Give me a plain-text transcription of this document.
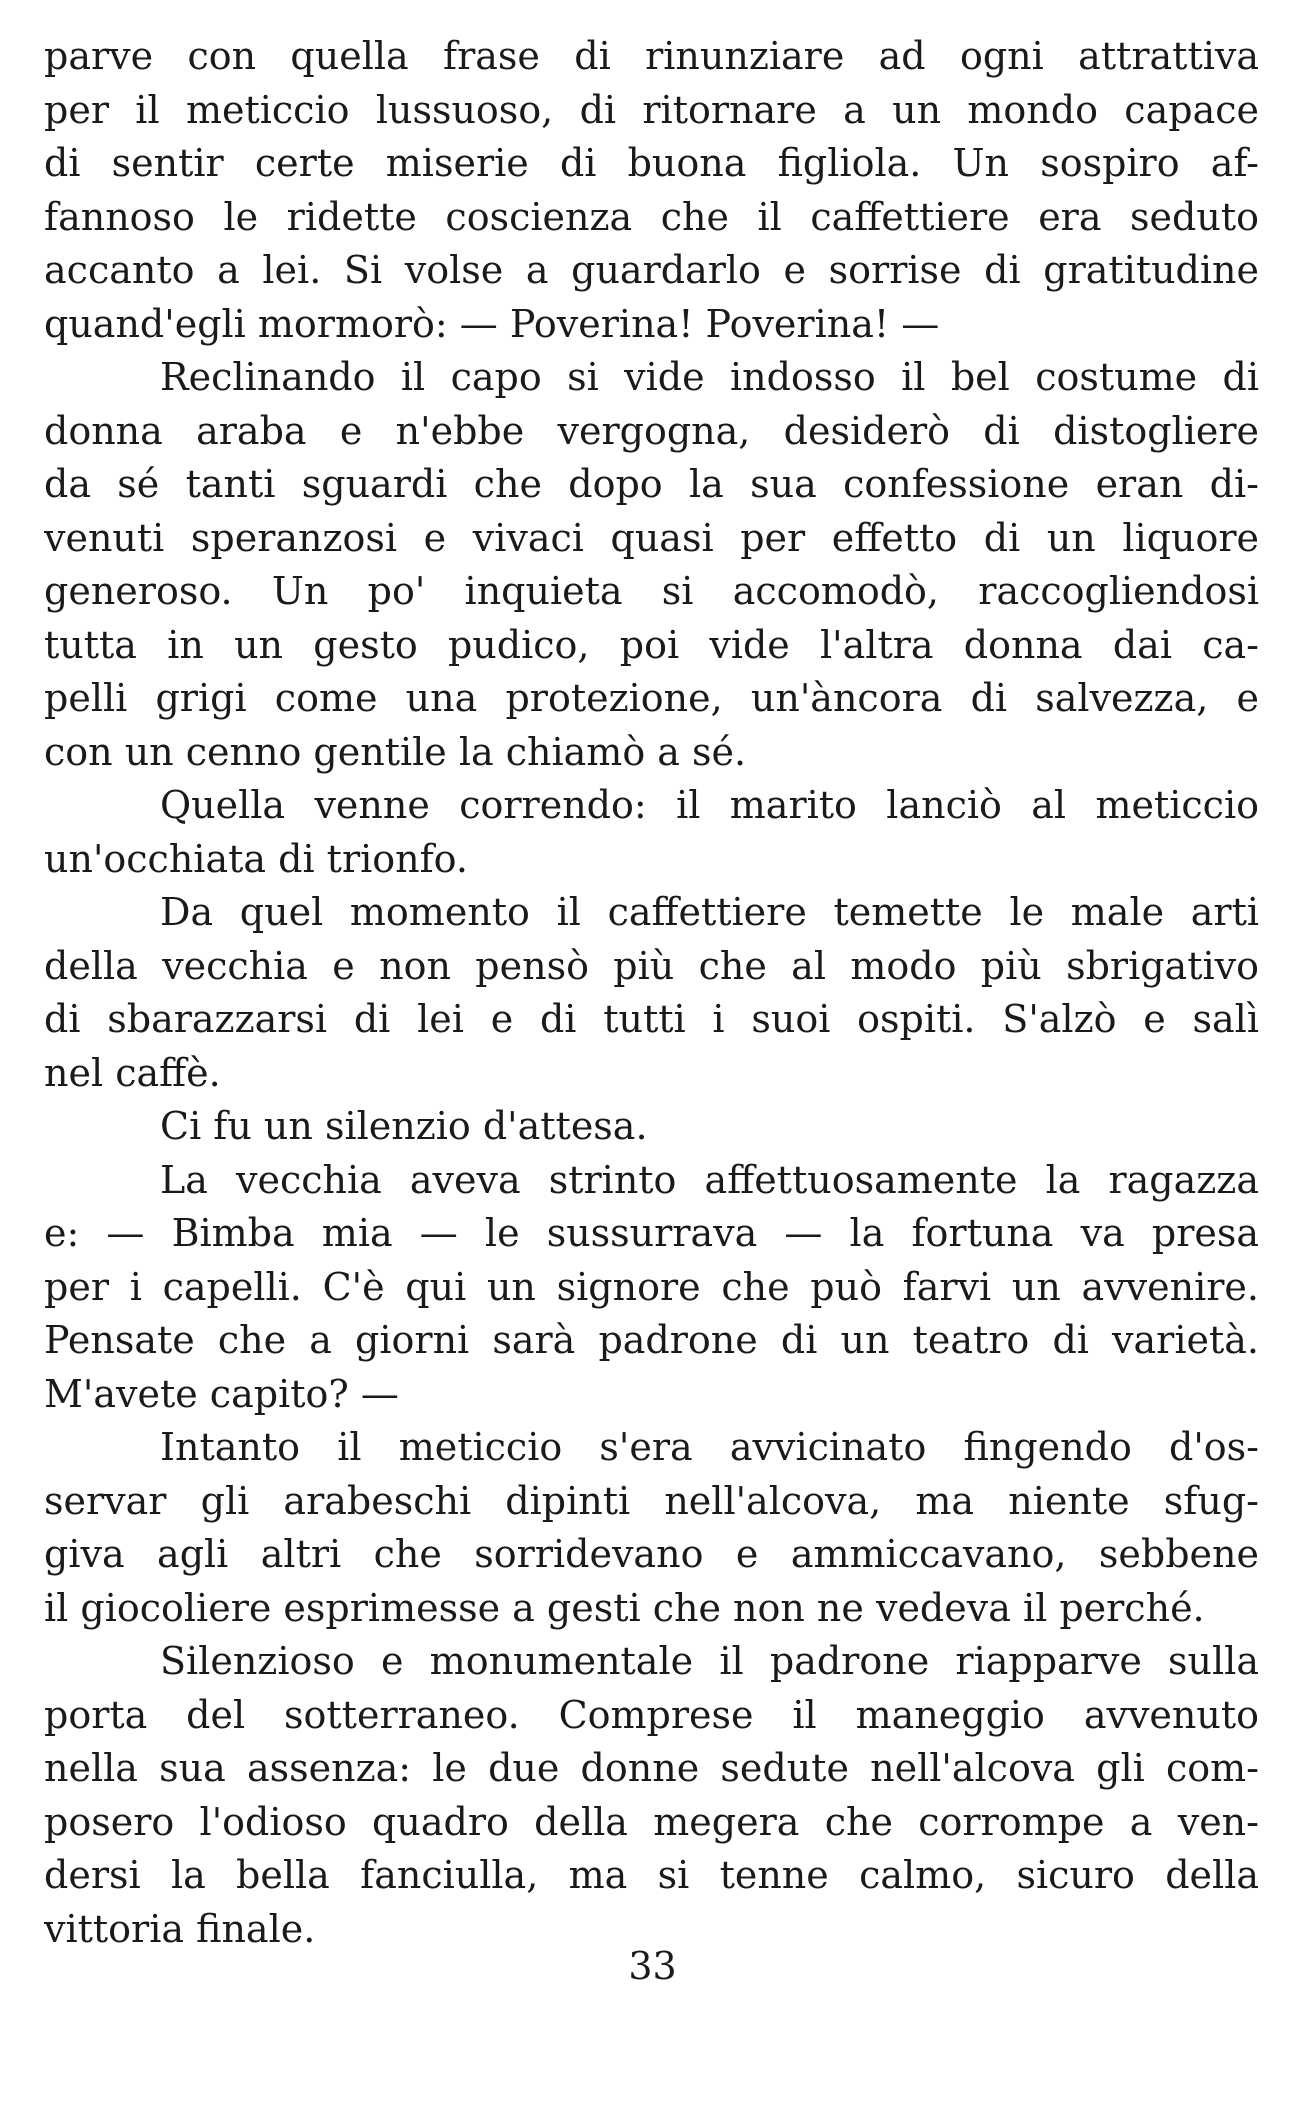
parve con quella frase di rinunziare ad ogni attrattiva
per il meticcio lussuoso, di ritornare a un mondo capace
di sentir certe miserie di buona figliola. Un sospiro af-
fannoso le ridette coscienza che il caffettiere era seduto
accanto a lei. Si volse a guardarlo e sorrise di gratitudine
quand'egli mormorò: — Poverina! Poverina! —
Reclinando il capo si vide indosso il bel costume di
donna araba e n'ebbe vergogna, desiderò di distogliere
da sé tanti sguardi che dopo la sua confessione eran di-
venuti speranzosi e vivaci quasi per effetto di un liquore
generoso. Un po' inquieta si accomodò, raccogliendosi
tutta in un gesto pudico, poi vide l'altra donna dai ca-
pelli grigi come una protezione, un'àncora di salvezza, e
con un cenno gentile la chiamò a sé.
Quella venne correndo: il marito lanciò al meticcio
un'occhiata di trionfo.
Da quel momento il caffettiere temette le male arti
della vecchia e non pensò più che al modo più sbrigativo
di sbarazzarsi di lei e di tutti i suoi ospiti. S'alzò e salì
nel caffè.
Ci fu un silenzio d'attesa.
La vecchia aveva strinto affettuosamente la ragazza
e: — Bimba mia — le sussurrava — la fortuna va presa
per i capelli. C'è qui un signore che può farvi un avvenire.
Pensate che a giorni sarà padrone di un teatro di varietà.
M'avete capito? —
Intanto il meticcio s'era avvicinato fingendo d'os-
servar gli arabeschi dipinti nell'alcova, ma niente sfug-
giva agli altri che sorridevano e ammiccavano, sebbene
il giocoliere esprimesse a gesti che non ne vedeva il perché.
Silenzioso e monumentale il padrone riapparve sulla
porta del sotterraneo. Comprese il maneggio avvenuto
nella sua assenza: le due donne sedute nell'alcova gli com-
posero l'odioso quadro della megera che corrompe a ven-
dersi la bella fanciulla, ma si tenne calmo, sicuro della
vittoria finale.
33
